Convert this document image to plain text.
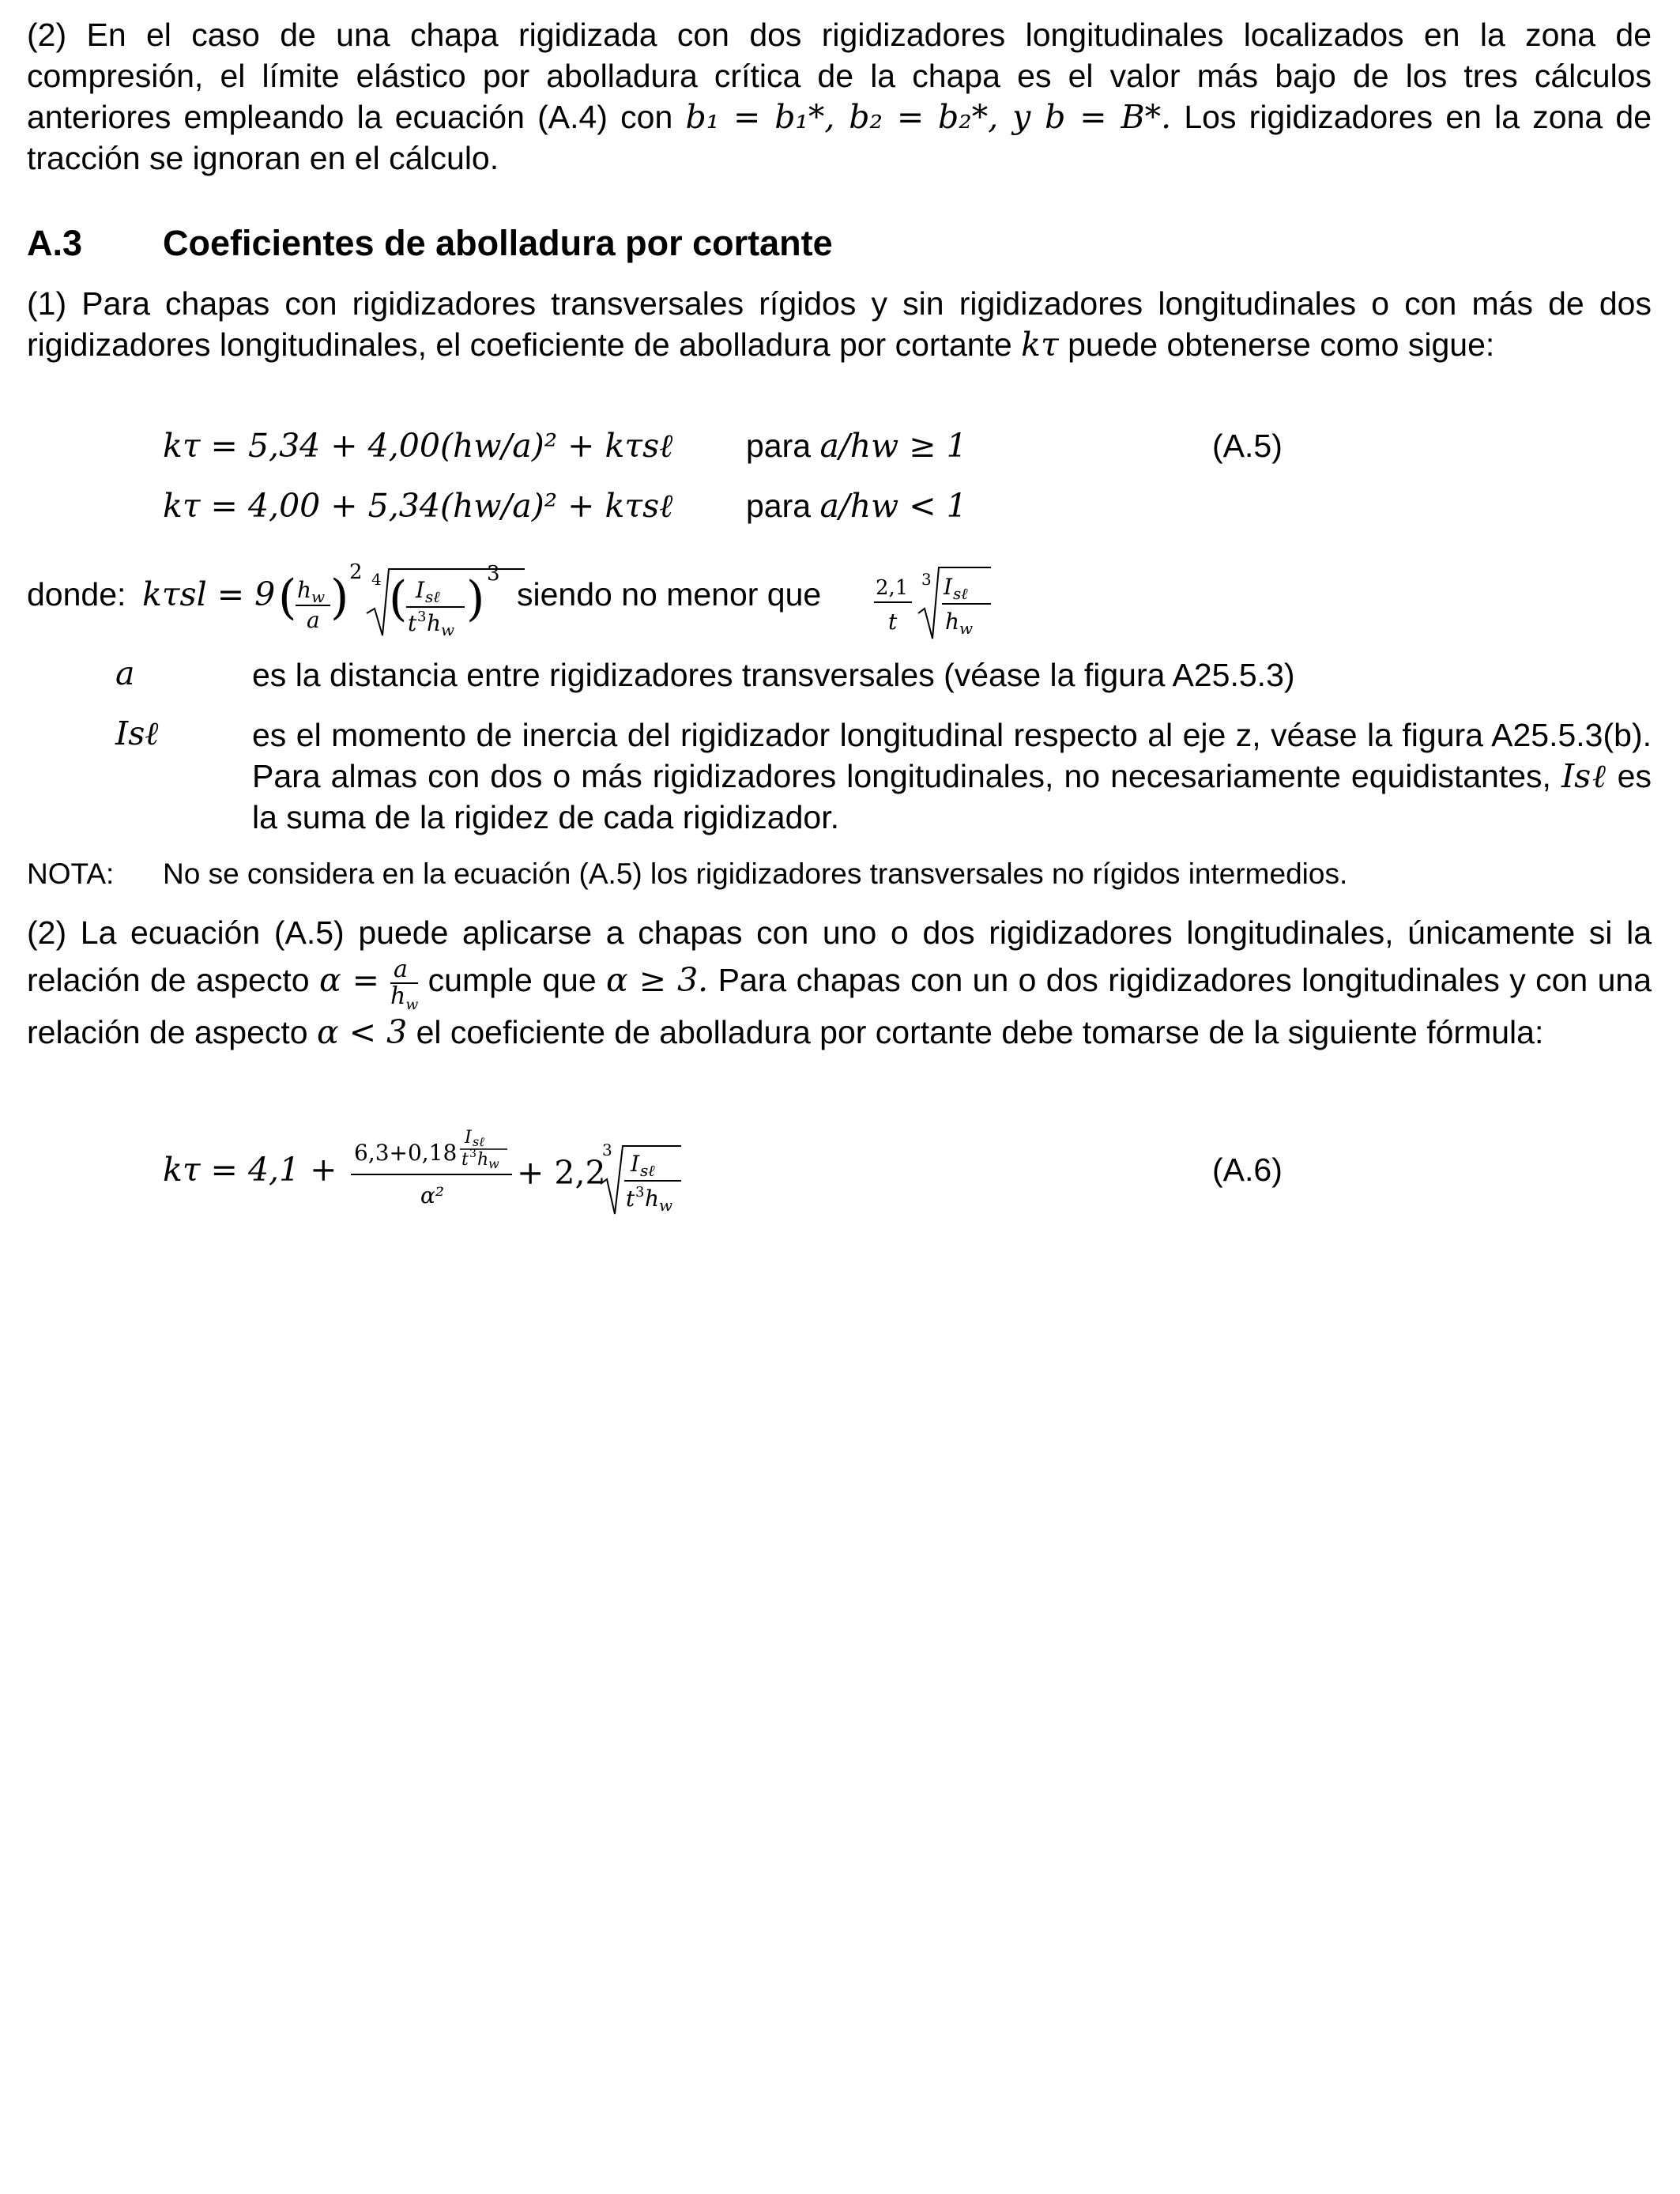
(2) En el caso de una chapa rigidizada con dos rigidizadores longitudinales localizados en la zona de compresión, el límite elástico por abolladura crítica de la chapa es el valor más bajo de los tres cálculos anteriores empleando la ecuación (A.4) con b₁ = b₁*, b₂ = b₂*, y b = B*. Los rigidizadores en la zona de tracción se ignoran en el cálculo.
A.3 Coeficientes de abolladura por cortante
(1) Para chapas con rigidizadores transversales rígidos y sin rigidizadores longitudinales o con más de dos rigidizadores longitudinales, el coeficiente de abolladura por cortante kτ puede obtenerse como sigue:
kτ = 5,34 + 4,00(hw/a)² + kτsℓ para a/hw ≥ 1	(A.5)
kτ = 4,00 + 5,34(hw/a)² + kτsℓ para a/hw < 1
donde: kτsl = 9 ( h w
a ) 2 4 ( I sℓ
t 3 h w
) 3
siendo no menor que	2,1
t
3 I sℓ
h w
a	es la distancia entre rigidizadores transversales (véase la figura A25.5.3)
Isℓ	es el momento de inercia del rigidizador longitudinal respecto al eje z, véase la figura A25.5.3(b). Para almas con dos o más rigidizadores longitudinales, no necesariamente equidistantes, Isℓ es la suma de la rigidez de cada rigidizador.
NOTA: No se considera en la ecuación (A.5) los rigidizadores transversales no rígidos intermedios.
(2) La ecuación (A.5) puede aplicarse a chapas con uno o dos rigidizadores longitudinales, únicamente si la relación de aspecto $\alpha = \frac{a}{h_w}$ cumple que α ≥ 3. Para chapas con un o dos rigidizadores longitudinales y con una relación de aspecto α < 3 el coeficiente de abolladura por cortante debe tomarse de la siguiente fórmula:
kτ = 4,1 + 6,3+0,18
I sℓ
t 3 h w
α²
+ 2,2
3
I sℓ
t 3 h w
(A.6)
